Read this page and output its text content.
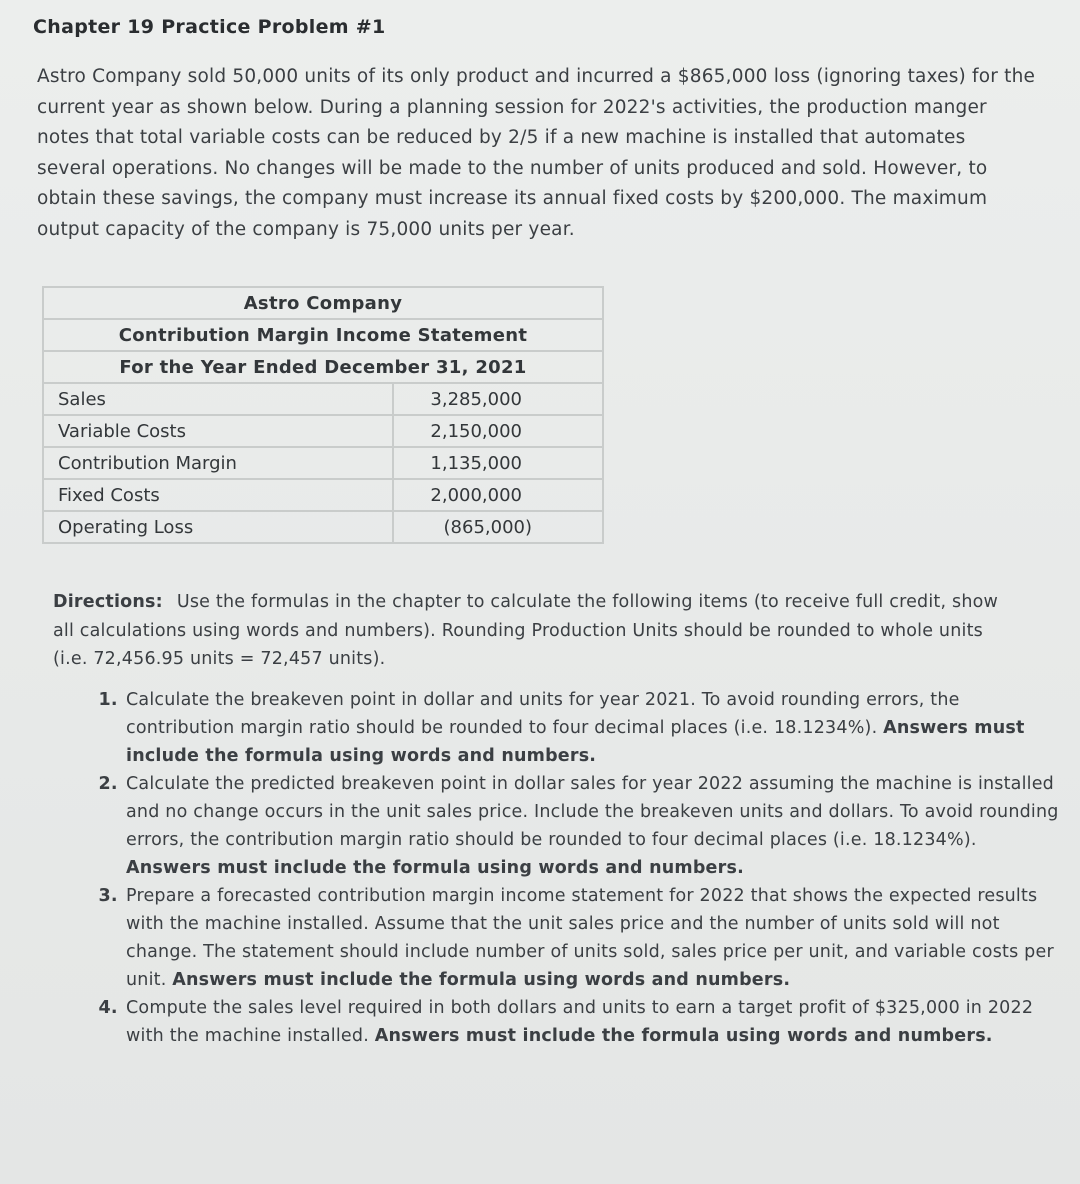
Chapter 19 Practice Problem #1
Astro Company sold 50,000 units of its only product and incurred a $865,000 loss (ignoring taxes) for the current year as shown below. During a planning session for 2022's activities, the production manger notes that total variable costs can be reduced by 2/5 if a new machine is installed that automates several operations. No changes will be made to the number of units produced and sold. However, to obtain these savings, the company must increase its annual fixed costs by $200,000. The maximum output capacity of the company is 75,000 units per year.
Astro Company	
Contribution Margin Income Statement	
For the Year Ended December 31, 2021	
Sales	3,285,000
Variable Costs	2,150,000
Contribution Margin	1,135,000
Fixed Costs	2,000,000
Operating Loss	(865,000)
Directions: Use the formulas in the chapter to calculate the following items (to receive full credit, show all calculations using words and numbers). Rounding Production Units should be rounded to whole units (i.e. 72,456.95 units = 72,457 units).
1. Calculate the breakeven point in dollar and units for year 2021. To avoid rounding errors, the contribution margin ratio should be rounded to four decimal places (i.e. 18.1234%). Answers must include the formula using words and numbers.
2. Calculate the predicted breakeven point in dollar sales for year 2022 assuming the machine is installed and no change occurs in the unit sales price. Include the breakeven units and dollars. To avoid rounding errors, the contribution margin ratio should be rounded to four decimal places (i.e. 18.1234%). Answers must include the formula using words and numbers.
3. Prepare a forecasted contribution margin income statement for 2022 that shows the expected results with the machine installed. Assume that the unit sales price and the number of units sold will not change. The statement should include number of units sold, sales price per unit, and variable costs per unit. Answers must include the formula using words and numbers.
4. Compute the sales level required in both dollars and units to earn a target profit of $325,000 in 2022 with the machine installed. Answers must include the formula using words and numbers.
